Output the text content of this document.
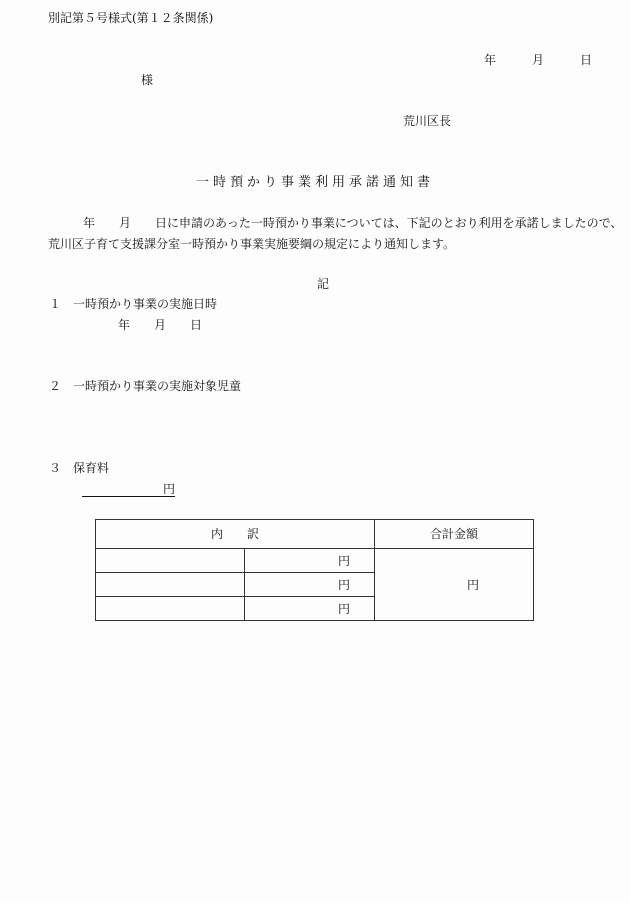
別記第５号様式(第１２条関係)
年　　　月　　　日
様
荒川区長
一時預かり事業利用承諾通知書
年　　月　　日に申請のあった一時預かり事業については、下記のとおり利用を承諾しましたので、
荒川区子育て支援課分室一時預かり事業実施要綱の規定により通知します。
記
１　一時預かり事業の実施日時
年　　月　　日
２　一時預かり事業の実施対象児童
３　保育料

円

内　　訳		合計金額
	円	円
	円	
	円	
